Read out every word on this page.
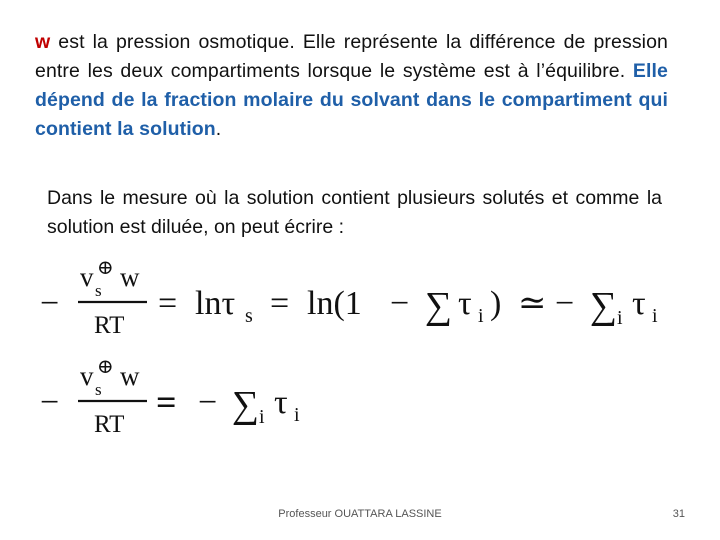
w est la pression osmotique. Elle représente la différence de pression entre les deux compartiments lorsque le système est à l’équilibre. Elle dépend de la fraction molaire du solvant dans le compartiment qui contient la solution.
Dans le mesure où la solution contient plusieurs solutés et comme la solution est diluée, on peut écrire :
−
v s
⊕ w
RT
= lnτ s = ln(1 − ∑ τ i ) ≃ − ∑ i τ i
−
v s
⊕ w
RT
= − ∑ i τ i
Professeur OUATTARA LASSINE	31
